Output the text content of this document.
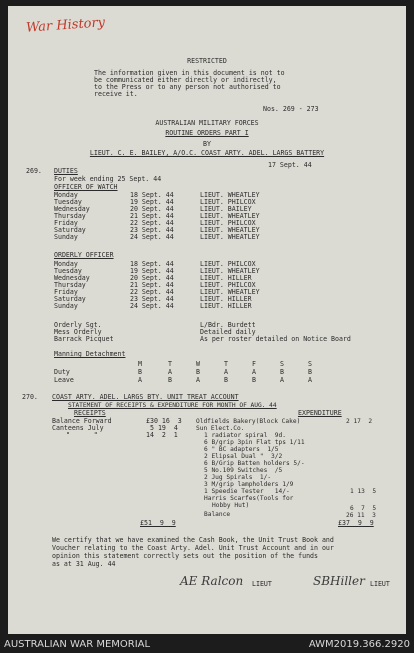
War History
RESTRICTED
The information given in this document is not to
be communicated either directly or indirectly,
to the Press or to any person not authorised to
receive it.
Nos. 269 - 273
AUSTRALIAN MILITARY FORCES
ROUTINE ORDERS PART I
BY
LIEUT. C. E. BAILEY, A/O.C. COAST ARTY. ADEL. LARGS BATTERY
17 Sept. 44
269. DUTIES
For week ending 25 Sept. 44
OFFICER OF WATCH
Monday	18 Sept. 44	LIEUT. WHEATLEY
Tuesday	19 Sept. 44	LIEUT. PHILCOX
Wednesday	20 Sept. 44	LIEUT. BAILEY
Thursday	21 Sept. 44	LIEUT. WHEATLEY
Friday	22 Sept. 44	LIEUT. PHILCOX
Saturday	23 Sept. 44	LIEUT. WHEATLEY
Sunday	24 Sept. 44	LIEUT. WHEATLEY
ORDERLY OFFICER
Monday	18 Sept. 44	LIEUT. PHILCOX
Tuesday	19 Sept. 44	LIEUT. WHEATLEY
Wednesday	20 Sept. 44	LIEUT. HILLER
Thursday	21 Sept. 44	LIEUT. PHILCOX
Friday	22 Sept. 44	LIEUT. WHEATLEY
Saturday	23 Sept. 44	LIEUT. HILLER
Sunday	24 Sept. 44	LIEUT. HILLER
Orderly Sgt.	L/Bdr. Burdett
Mess Orderly	Detailed daily
Barrack Picquet	As per roster detailed on Notice Board
Manning Detachment
M	T	W	T	F	S	S
Duty	B	A	B	A	A	B	B
Leave	A	B	A	B	B	A	A
270. COAST ARTY. ADEL. LARGS BTY. UNIT TREAT ACCOUNT
STATEMENT OF RECEIPTS & EXPENDITURE FOR MONTH OF AUG. 44
RECEIPTS	EXPENDITURE
Balance Forward	£30 16  3
Canteens July	5 19  4
"      "	14  2  1
Oldfields Bakery(Block Cake)	2 17  2
Sun Elect.Co.
1 radiator spiral  9d.
6 B/grip 3pin Flat tps 1/11
6 " BC adapters  1/5
2 Elipsal Dual "  3/2
6 B/Grip Batten holders 5/-
5 No.109 Switches  /5
2 Jug Spirals  1/-
3 M/grip lampholders 1/9
1 Speedie Tester   14/-	1 13  5
Harris Scarfes(Tools for
Hobby Hut)	6  7  5
Balance	26 11  3
£51  9  9	£37  9  9
We certify that we have examined the Cash Book, the Unit Trust Book and
Voucher relating to the Coast Arty. Adel. Unit Trust Account and in our
opinion this statement correctly sets out the position of the funds
as at 31 Aug. 44
AE Ralcon LIEUT	SBHiller LIEUT
AUSTRALIAN WAR MEMORIAL	AWM2019.366.2920
